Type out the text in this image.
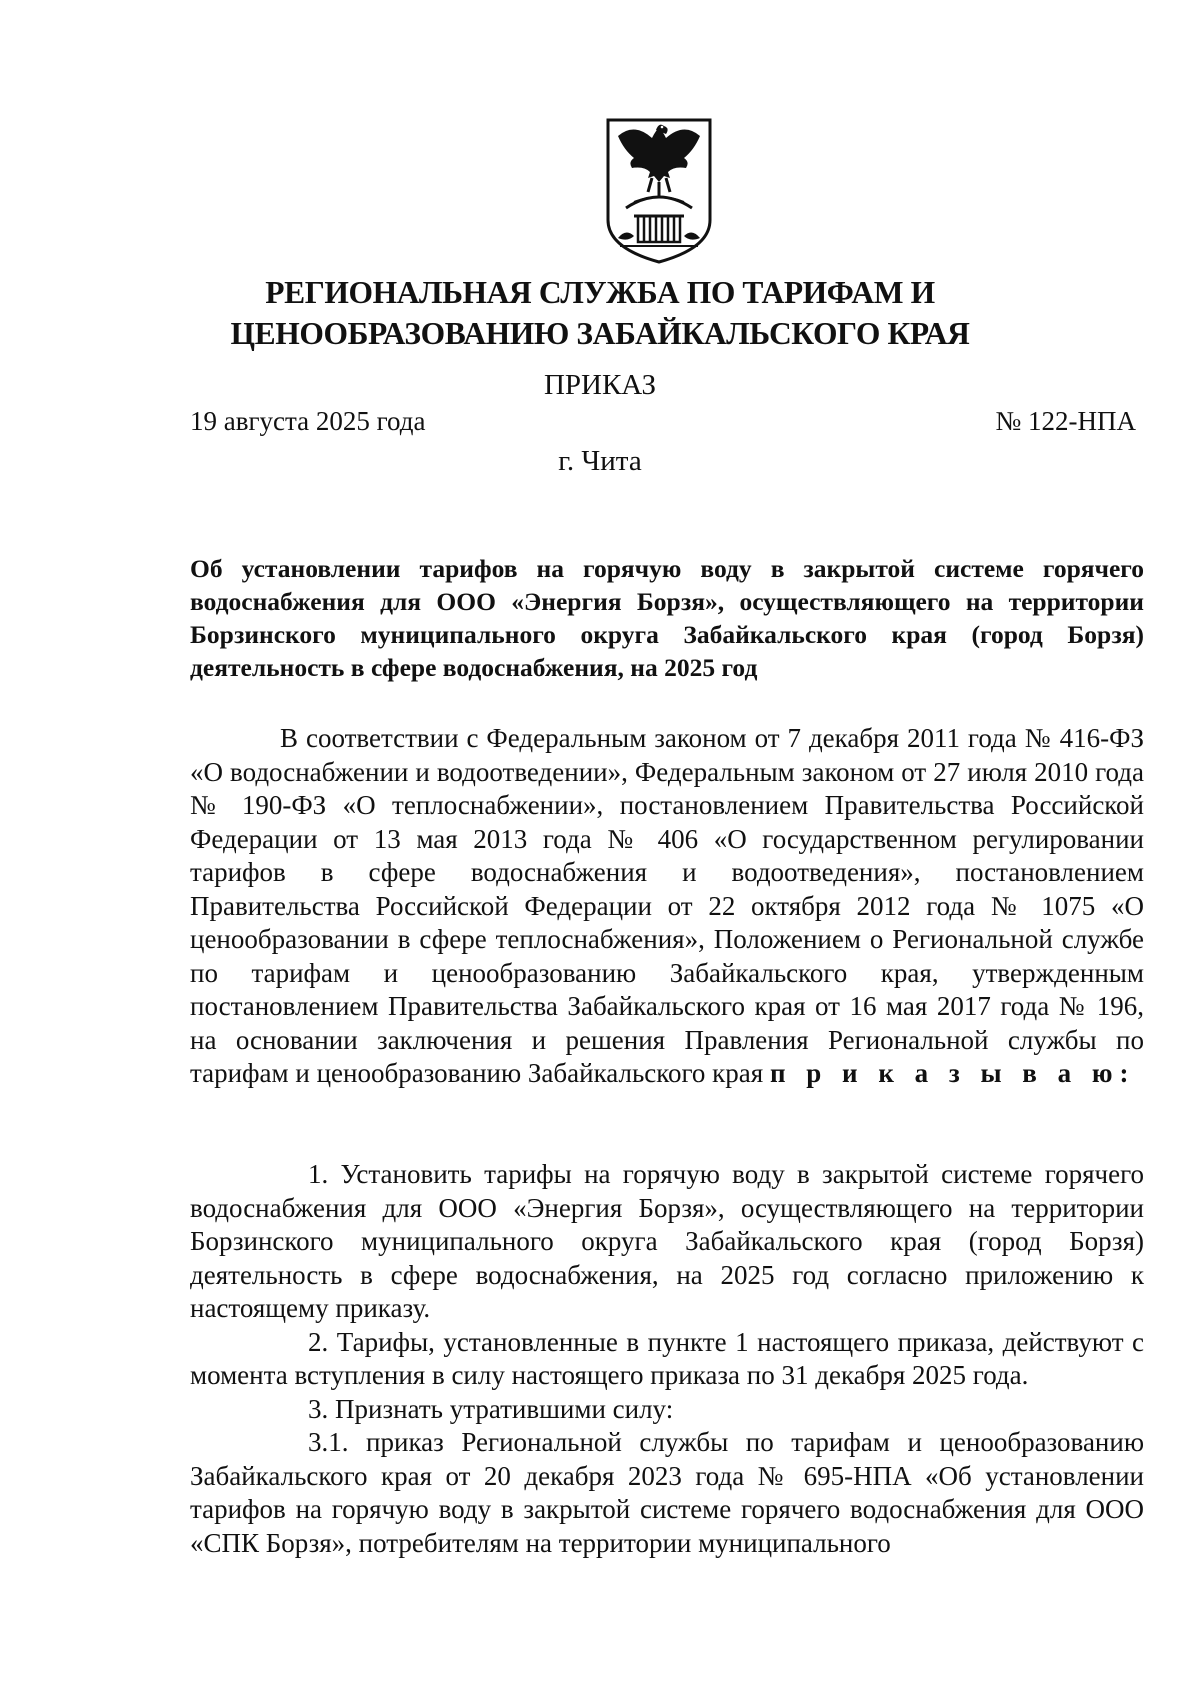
РЕГИОНАЛЬНАЯ СЛУЖБА ПО ТАРИФАМ И
ЦЕНООБРАЗОВАНИЮ ЗАБАЙКАЛЬСКОГО КРАЯ
ПРИКАЗ
19 августа 2025 года	№ 122-НПА
г. Чита
Об установлении тарифов на горячую воду в закрытой системе горячего водоснабжения для ООО «Энергия Борзя», осуществляющего на территории Борзинского муниципального округа Забайкальского края (город Борзя) деятельность в сфере водоснабжения, на 2025 год

В соответствии с Федеральным законом от 7 декабря 2011 года № 416-ФЗ «О водоснабжении и водоотведении», Федеральным законом от 27 июля 2010 года № 190-ФЗ «О теплоснабжении», постановлением Правительства Российской Федерации от 13 мая 2013 года № 406 «О государственном регулировании тарифов в сфере водоснабжения и водоотведения», постановлением Правительства Российской Федерации от 22 октября 2012 года № 1075 «О ценообразовании в сфере теплоснабжения», Положением о Региональной службе по тарифам и ценообразованию Забайкальского края, утвержденным постановлением Правительства Забайкальского края от 16 мая 2017 года № 196, на основании заключения и решения Правления Региональной службы по тарифам и ценообразованию Забайкальского края п р и к а з ы в а ю:

1. Установить тарифы на горячую воду в закрытой системе горячего водоснабжения для ООО «Энергия Борзя», осуществляющего на территории Борзинского муниципального округа Забайкальского края (город Борзя) деятельность в сфере водоснабжения, на 2025 год согласно приложению к настоящему приказу.

2. Тарифы, установленные в пункте 1 настоящего приказа, действуют с момента вступления в силу настоящего приказа по 31 декабря 2025 года.

3. Признать утратившими силу:

3.1. приказ Региональной службы по тарифам и ценообразованию Забайкальского края от 20 декабря 2023 года № 695-НПА «Об установлении тарифов на горячую воду в закрытой системе горячего водоснабжения для ООО «СПК Борзя», потребителям на территории муниципального
